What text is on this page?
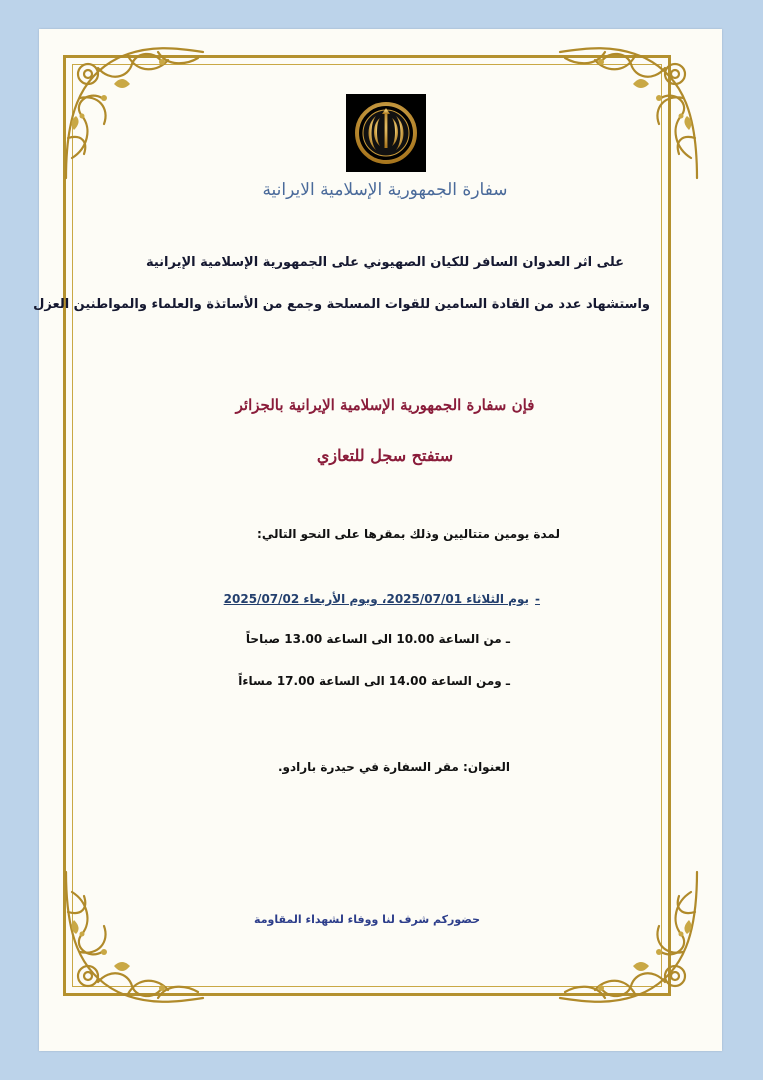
سفارة الجمهورية الإسلامية الايرانية
على اثر العدوان السافر للكيان الصهيوني على الجمهورية الإسلامية الإيرانية
واستشهاد عدد من القادة السامين للقوات المسلحة وجمع من الأساتذة والعلماء والمواطنين العزل
فإن سفارة الجمهورية الإسلامية الإيرانية بالجزائر
ستفتح سجل للتعازي
لمدة يومين متتاليين وذلك بمقرها على النحو التالي:
-يوم الثلاثاء 2025/07/01، ويوم الأربعاء 2025/07/02
ـ من الساعة 10.00 الى الساعة 13.00 صباحاً
ـ ومن الساعة 14.00 الى الساعة 17.00 مساءاً
العنوان: مقر السفارة في حيدرة بارادو.
حضوركم شرف لنا ووفاء لشهداء المقاومة
